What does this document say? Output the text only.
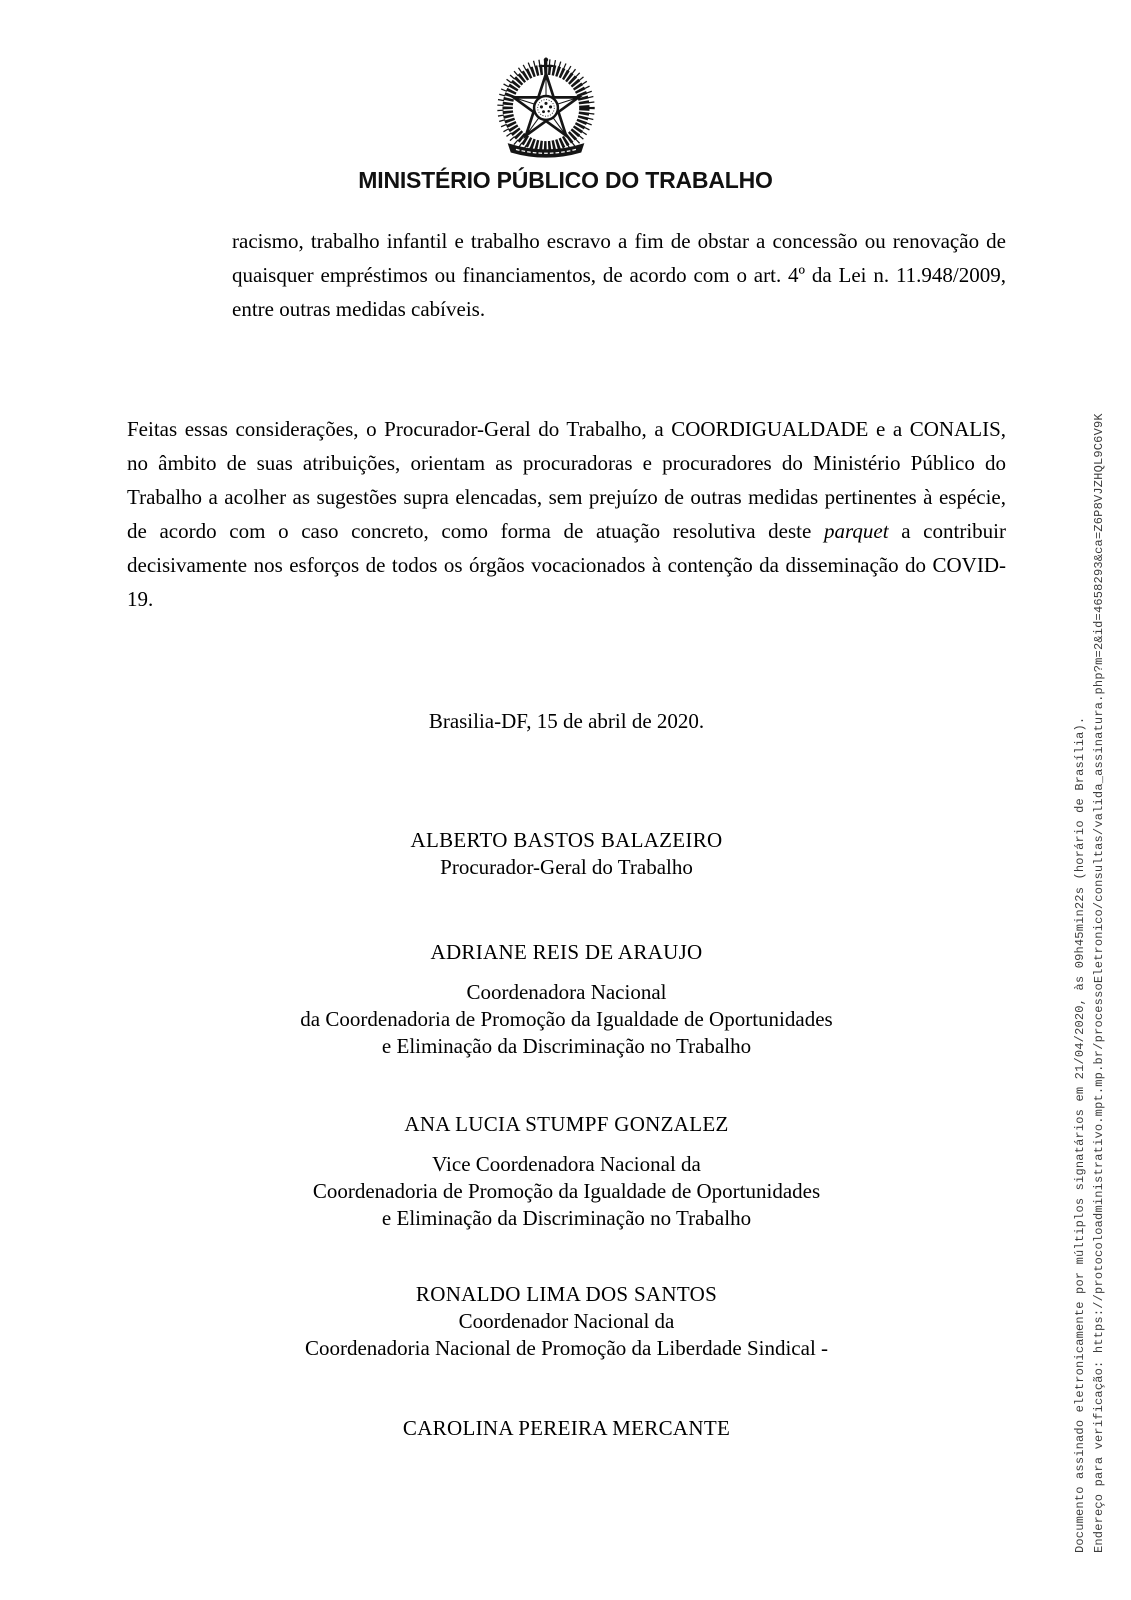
MINISTÉRIO PÚBLICO DO TRABALHO

racismo, trabalho infantil e trabalho escravo a fim de obstar a concessão ou renovação de quaisquer empréstimos ou financiamentos, de acordo com o art. 4º da Lei n. 11.948/2009, entre outras medidas cabíveis.

Feitas essas considerações, o Procurador-Geral do Trabalho, a COORDIGUALDADE e a CONALIS, no âmbito de suas atribuições, orientam as procuradoras e procuradores do Ministério Público do Trabalho a acolher as sugestões supra elencadas, sem prejuízo de outras medidas pertinentes à espécie, de acordo com o caso concreto, como forma de atuação resolutiva deste parquet a contribuir decisivamente nos esforços de todos os órgãos vocacionados à contenção da disseminação do COVID-19.

Brasilia-DF, 15 de abril de 2020.

ALBERTO BASTOS BALAZEIRO
Procurador-Geral do Trabalho
ADRIANE REIS DE ARAUJO
Coordenadora Nacional
da Coordenadoria de Promoção da Igualdade de Oportunidades
e Eliminação da Discriminação no Trabalho
ANA LUCIA STUMPF GONZALEZ
Vice Coordenadora Nacional da
Coordenadoria de Promoção da Igualdade de Oportunidades
e Eliminação da Discriminação no Trabalho
RONALDO LIMA DOS SANTOS
Coordenador Nacional da
Coordenadoria Nacional de Promoção da Liberdade Sindical -
CAROLINA PEREIRA MERCANTE	Documento assinado eletronicamente por múltiplos signatários em 21/04/2020, às 09h45min22s (horário de Brasília). Endereço para verificação: https://protocoloadministrativo.mpt.mp.br/processoEletronico/consultas/valida_assinatura.php?m=2&id=4658293&ca=Z6P8VJZHQL9C6V9K
